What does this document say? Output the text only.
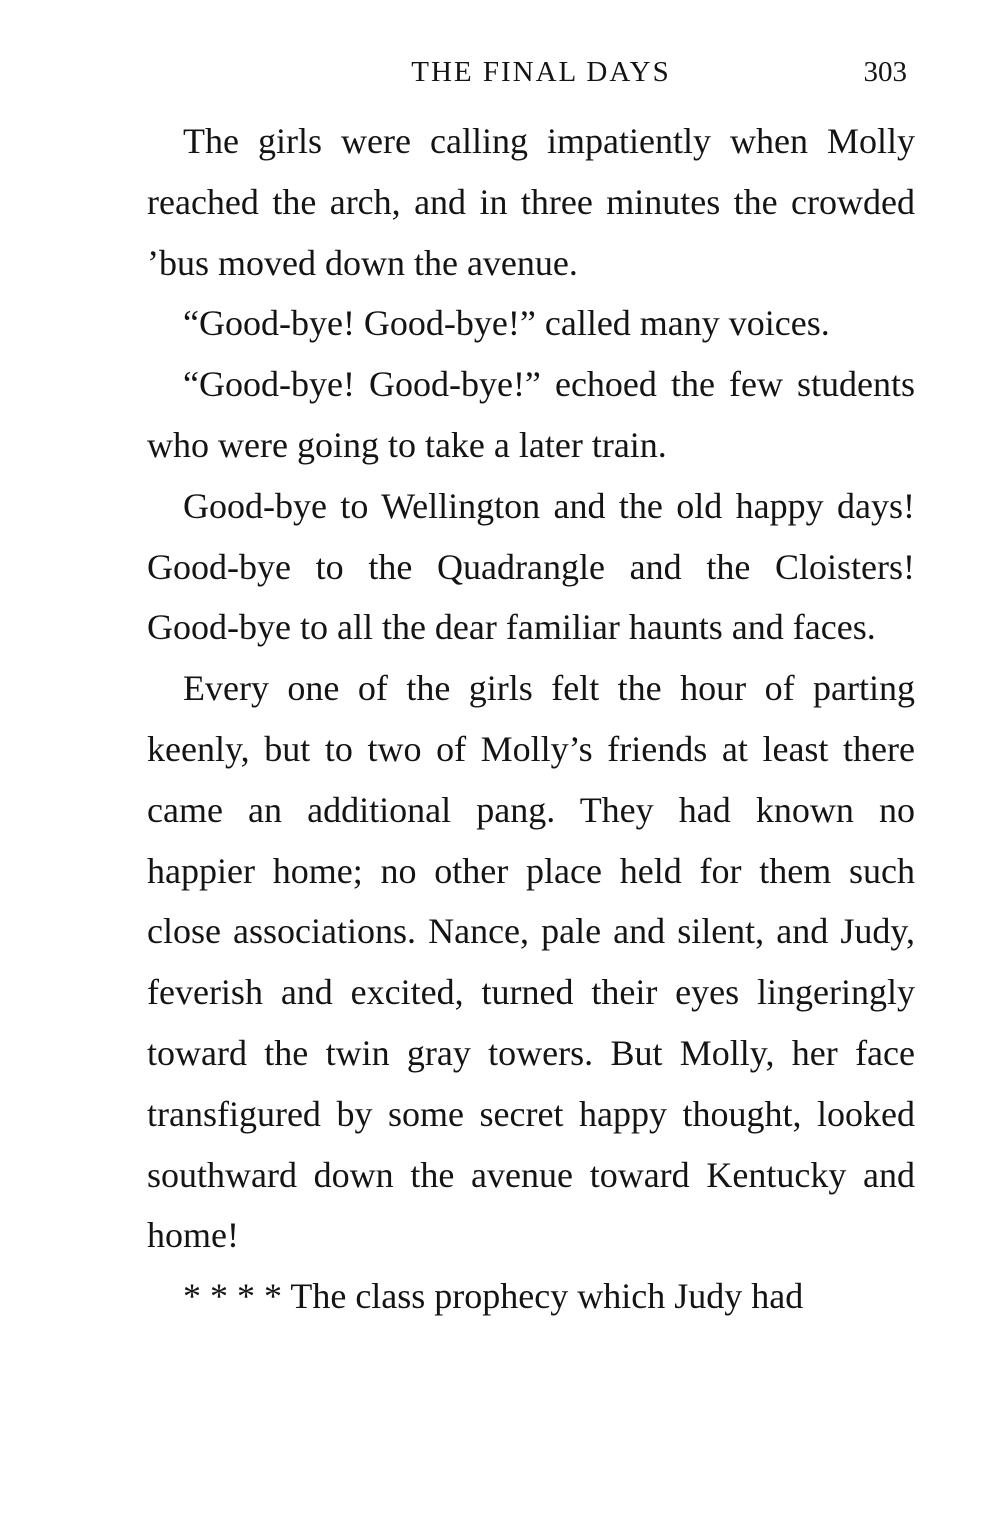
THE FINAL DAYS	303

The girls were calling impatiently when Molly reached the arch, and in three minutes the crowded ’bus moved down the avenue.

“Good-bye! Good-bye!” called many voices.

“Good-bye! Good-bye!” echoed the few students who were going to take a later train.

Good-bye to Wellington and the old happy days! Good-bye to the Quadrangle and the Cloisters! Good-bye to all the dear familiar haunts and faces.

Every one of the girls felt the hour of parting keenly, but to two of Molly’s friends at least there came an additional pang. They had known no happier home; no other place held for them such close associations. Nance, pale and silent, and Judy, feverish and excited, turned their eyes lingeringly toward the twin gray towers. But Molly, her face transfigured by some secret happy thought, looked southward down the avenue toward Kentucky and home!

* * * * The class prophecy which Judy had
